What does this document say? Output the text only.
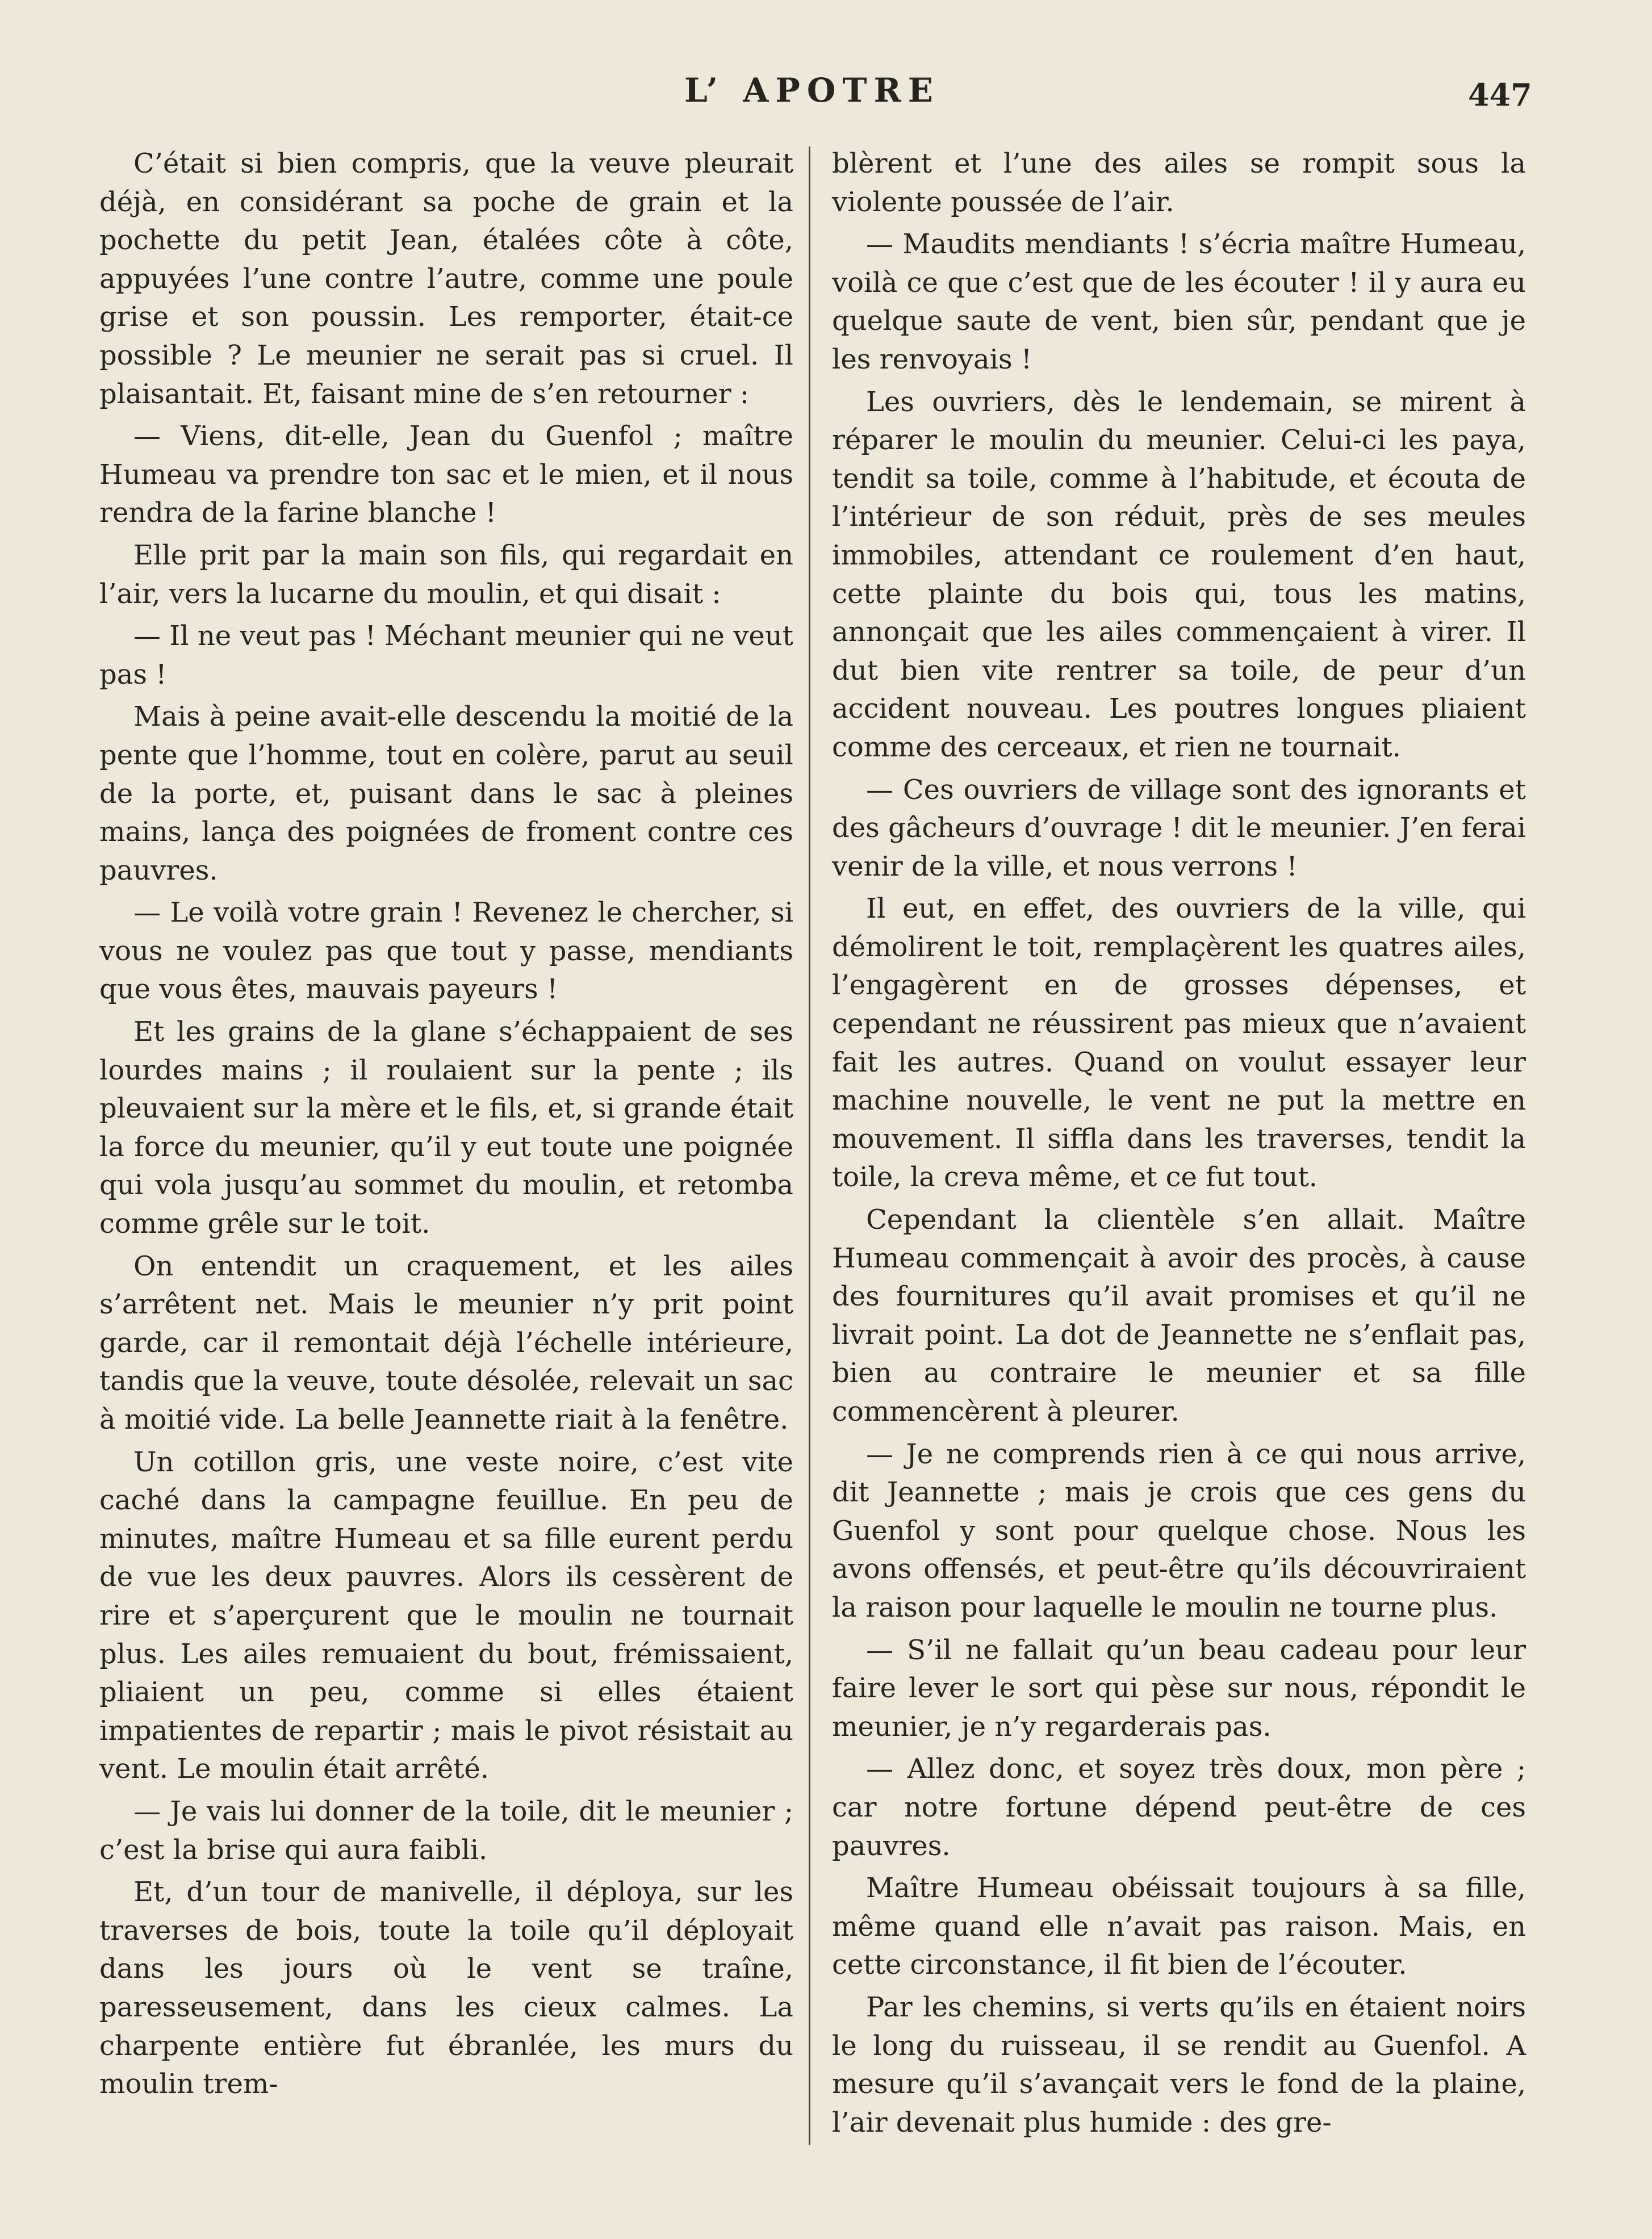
L’ APOTRE	447

C’était si bien compris, que la veuve pleurait déjà, en considérant sa poche de grain et la pochette du petit Jean, étalées côte à côte, appuyées l’une contre l’autre, comme une poule grise et son poussin. Les remporter, était-ce possible ? Le meunier ne serait pas si cruel. Il plaisantait. Et, faisant mine de s’en retourner :

— Viens, dit-elle, Jean du Guenfol ; maître Humeau va prendre ton sac et le mien, et il nous rendra de la farine blanche !

Elle prit par la main son fils, qui regardait en l’air, vers la lucarne du moulin, et qui disait :

— Il ne veut pas ! Méchant meunier qui ne veut pas !

Mais à peine avait-elle descendu la moitié de la pente que l’homme, tout en colère, parut au seuil de la porte, et, puisant dans le sac à pleines mains, lança des poignées de froment contre ces pauvres.

— Le voilà votre grain ! Revenez le chercher, si vous ne voulez pas que tout y passe, mendiants que vous êtes, mauvais payeurs !

Et les grains de la glane s’échappaient de ses lourdes mains ; il roulaient sur la pente ; ils pleuvaient sur la mère et le fils, et, si grande était la force du meunier, qu’il y eut toute une poignée qui vola jusqu’au sommet du moulin, et retomba comme grêle sur le toit.

On entendit un craquement, et les ailes s’arrêtent net. Mais le meunier n’y prit point garde, car il remontait déjà l’échelle intérieure, tandis que la veuve, toute désolée, relevait un sac à moitié vide. La belle Jeannette riait à la fenêtre.

Un cotillon gris, une veste noire, c’est vite caché dans la campagne feuillue. En peu de minutes, maître Humeau et sa fille eurent perdu de vue les deux pauvres. Alors ils cessèrent de rire et s’aperçurent que le moulin ne tournait plus. Les ailes remuaient du bout, frémissaient, pliaient un peu, comme si elles étaient impatientes de repartir ; mais le pivot résistait au vent. Le moulin était arrêté.

— Je vais lui donner de la toile, dit le meunier ; c’est la brise qui aura faibli.

Et, d’un tour de manivelle, il déploya, sur les traverses de bois, toute la toile qu’il déployait dans les jours où le vent se traîne, paresseusement, dans les cieux calmes. La charpente entière fut ébranlée, les murs du moulin trem-

blèrent et l’une des ailes se rompit sous la violente poussée de l’air.

— Maudits mendiants ! s’écria maître Humeau, voilà ce que c’est que de les écouter ! il y aura eu quelque saute de vent, bien sûr, pendant que je les renvoyais !

Les ouvriers, dès le lendemain, se mirent à réparer le moulin du meunier. Celui-ci les paya, tendit sa toile, comme à l’habitude, et écouta de l’intérieur de son réduit, près de ses meules immobiles, attendant ce roulement d’en haut, cette plainte du bois qui, tous les matins, annonçait que les ailes commençaient à virer. Il dut bien vite rentrer sa toile, de peur d’un accident nouveau. Les poutres longues pliaient comme des cerceaux, et rien ne tournait.

— Ces ouvriers de village sont des ignorants et des gâcheurs d’ouvrage ! dit le meunier. J’en ferai venir de la ville, et nous verrons !

Il eut, en effet, des ouvriers de la ville, qui démolirent le toit, remplaçèrent les quatres ailes, l’engagèrent en de grosses dépenses, et cependant ne réussirent pas mieux que n’avaient fait les autres. Quand on voulut essayer leur machine nouvelle, le vent ne put la mettre en mouvement. Il siffla dans les traverses, tendit la toile, la creva même, et ce fut tout.

Cependant la clientèle s’en allait. Maître Humeau commençait à avoir des procès, à cause des fournitures qu’il avait promises et qu’il ne livrait point. La dot de Jeannette ne s’enflait pas, bien au contraire le meunier et sa fille commencèrent à pleurer.

— Je ne comprends rien à ce qui nous arrive, dit Jeannette ; mais je crois que ces gens du Guenfol y sont pour quelque chose. Nous les avons offensés, et peut-être qu’ils découvriraient la raison pour laquelle le moulin ne tourne plus.

— S’il ne fallait qu’un beau cadeau pour leur faire lever le sort qui pèse sur nous, répondit le meunier, je n’y regarderais pas.

— Allez donc, et soyez très doux, mon père ; car notre fortune dépend peut-être de ces pauvres.

Maître Humeau obéissait toujours à sa fille, même quand elle n’avait pas raison. Mais, en cette circonstance, il fit bien de l’écouter.

Par les chemins, si verts qu’ils en étaient noirs le long du ruisseau, il se rendit au Guenfol. A mesure qu’il s’avançait vers le fond de la plaine, l’air devenait plus humide : des gre-
